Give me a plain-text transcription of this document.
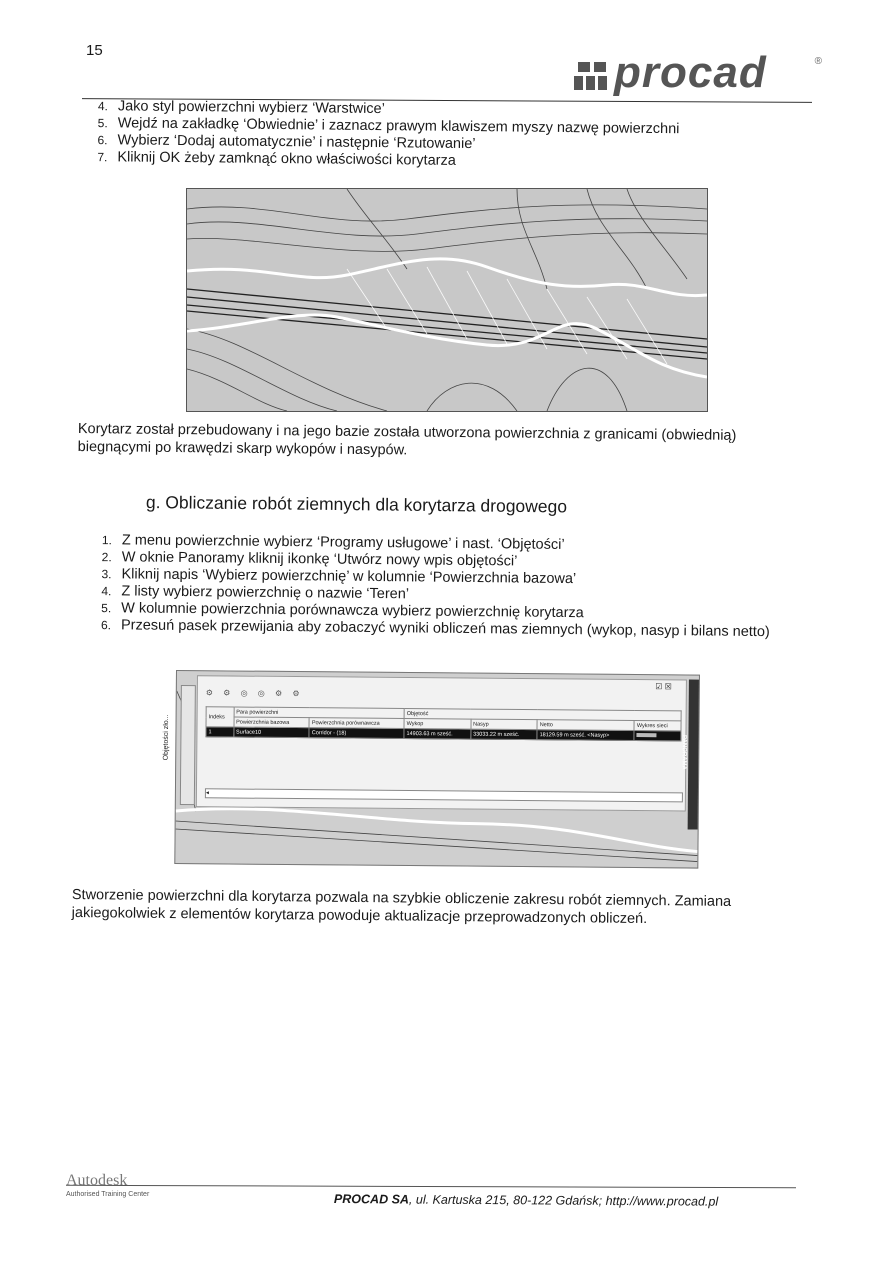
15	procad	®
4. Jako styl powierzchni wybierz ‘Warstwice’
5. Wejdź na zakładkę ‘Obwiednie’ i zaznacz prawym klawiszem myszy nazwę powierzchni
6. Wybierz ‘Dodaj automatycznie’ i następnie ‘Rzutowanie’
7. Kliknij OK żeby zamknąć okno właściwości korytarza
Korytarz został przebudowany i na jego bazie została utworzona powierzchnia z granicami (obwiednią) biegnącymi po krawędzi skarp wykopów i nasypów.
g. Obliczanie robót ziemnych dla korytarza drogowego
1. Z menu powierzchnie wybierz ‘Programy usługowe’ i nast. ‘Objętości’
2. W oknie Panoramy kliknij ikonkę ‘Utwórz nowy wpis objętości’
3. Kliknij napis ‘Wybierz powierzchnię’ w kolumnie ‘Powierzchnia bazowa’
4. Z listy wybierz powierzchnię o nazwie ‘Teren’
5. W kolumnie powierzchnia porównawcza wybierz powierzchnię korytarza
6. Przesuń pasek przewijania aby zobaczyć wyniki obliczeń mas ziemnych (wykop, nasyp i bilans netto)
Objętości zło...
⚙ ⚙ ◎ ◎ ⚙ ⚙
☑ ☒
Indeks	Para powierzchni		Objętość			
	Powierzchnia bazowa	Powierzchnia porównawcza	Wykop	Nasyp	Netto	Wykres sieci
1	Surface10	Corridor - (18)	14903.63 m sześć.	33033.22 m sześć.	18129.59 m sześć. <Nasyp>	
◂
PANORAMA
Stworzenie powierzchni dla korytarza pozwala na szybkie obliczenie zakresu robót ziemnych. Zamiana jakiegokolwiek z elementów korytarza powoduje aktualizacje przeprowadzonych obliczeń.
Autodesk
Authorised Training Center	PROCAD SA, ul. Kartuska 215, 80-122 Gdańsk; http://www.procad.pl
